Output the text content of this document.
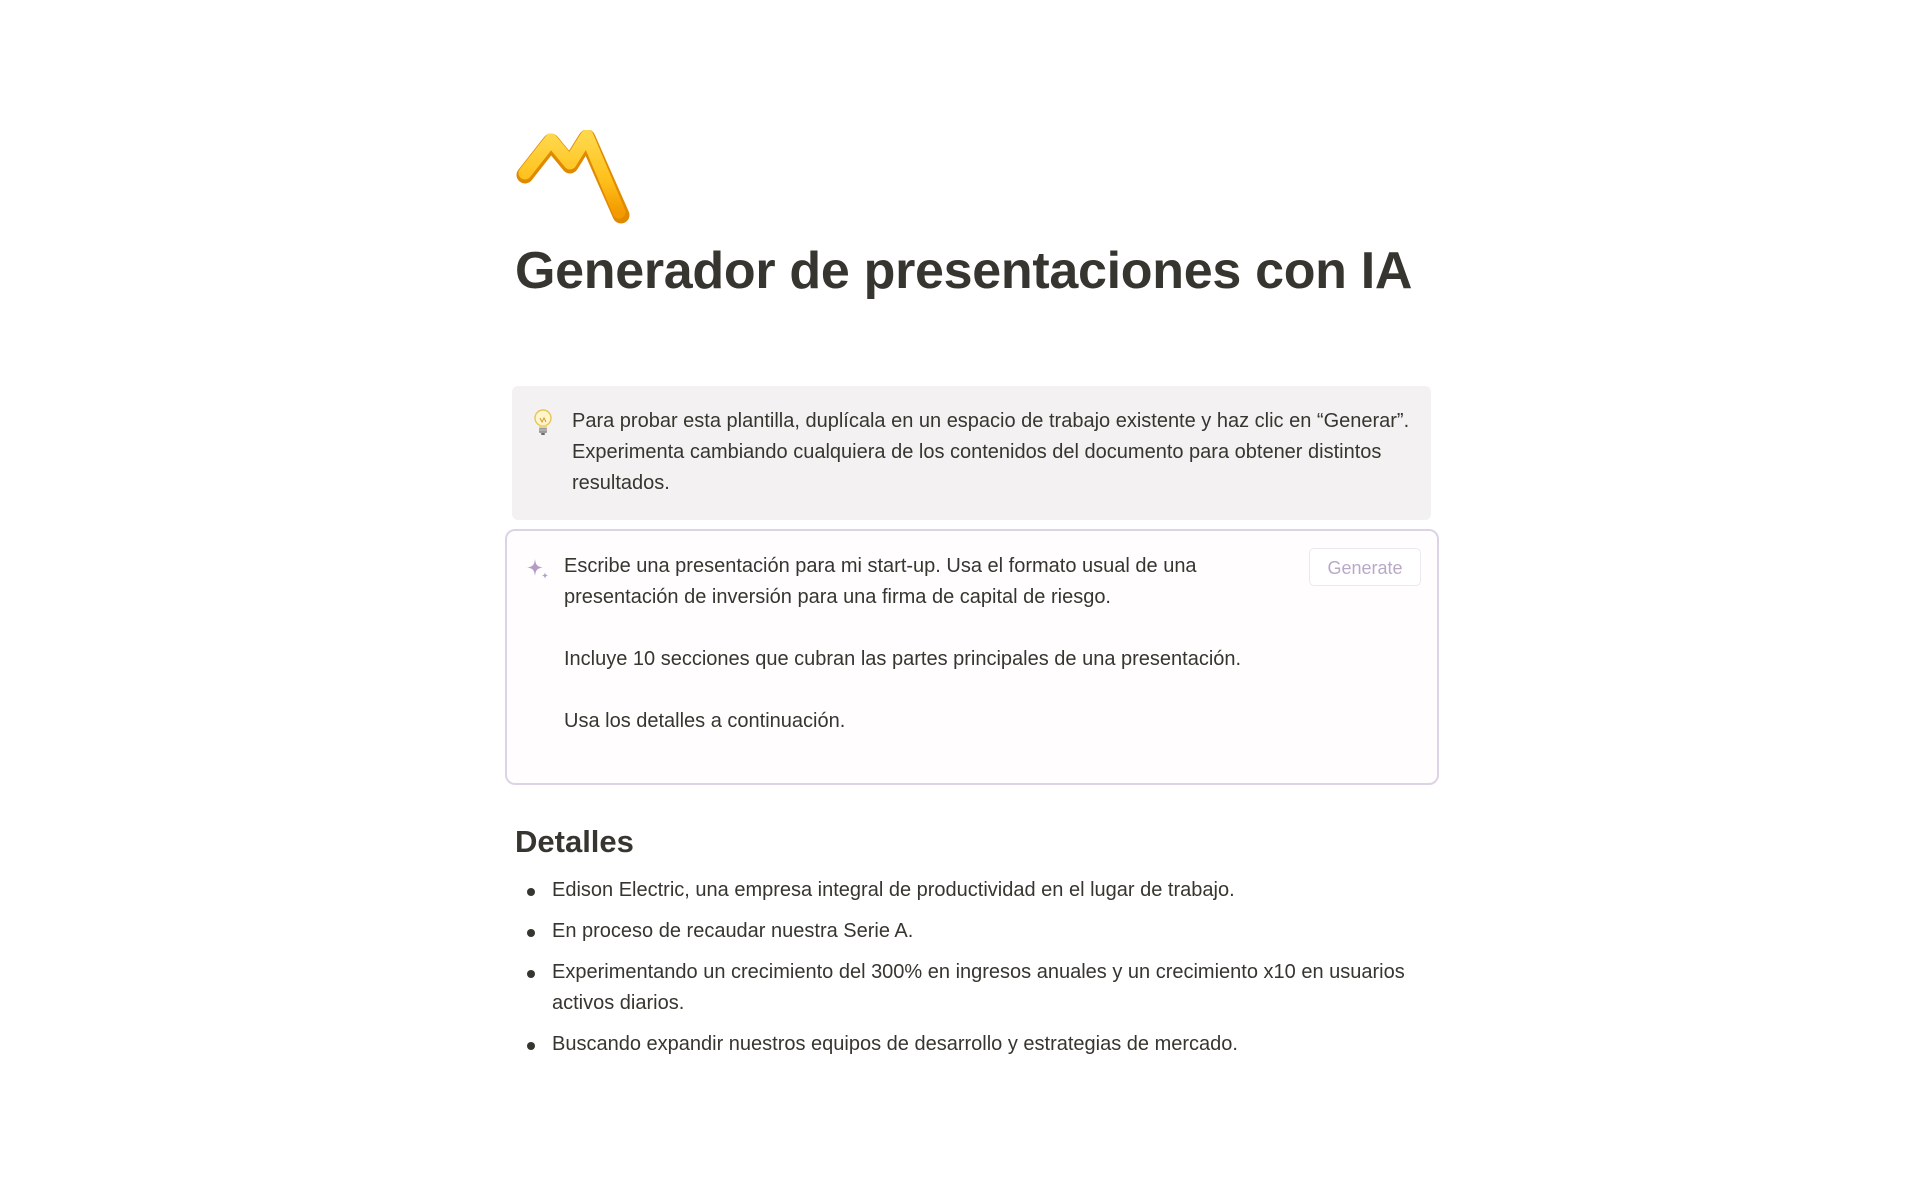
Generador de presentaciones con IA

Para probar esta plantilla, duplícala en un espacio de trabajo existente y haz clic en “Generar”. Experimenta cambiando cualquiera de los contenidos del documento para obtener distintos resultados.

Escribe una presentación para mi start-up. Usa el formato usual de una presentación de inversión para una firma de capital de riesgo.

Incluye 10 secciones que cubran las partes principales de una presentación.

Usa los detalles a continuación.

Generate
Detalles
Edison Electric, una empresa integral de productividad en el lugar de trabajo.
En proceso de recaudar nuestra Serie A.
Experimentando un crecimiento del 300% en ingresos anuales y un crecimiento x10 en usuarios activos diarios.
Buscando expandir nuestros equipos de desarrollo y estrategias de mercado.
